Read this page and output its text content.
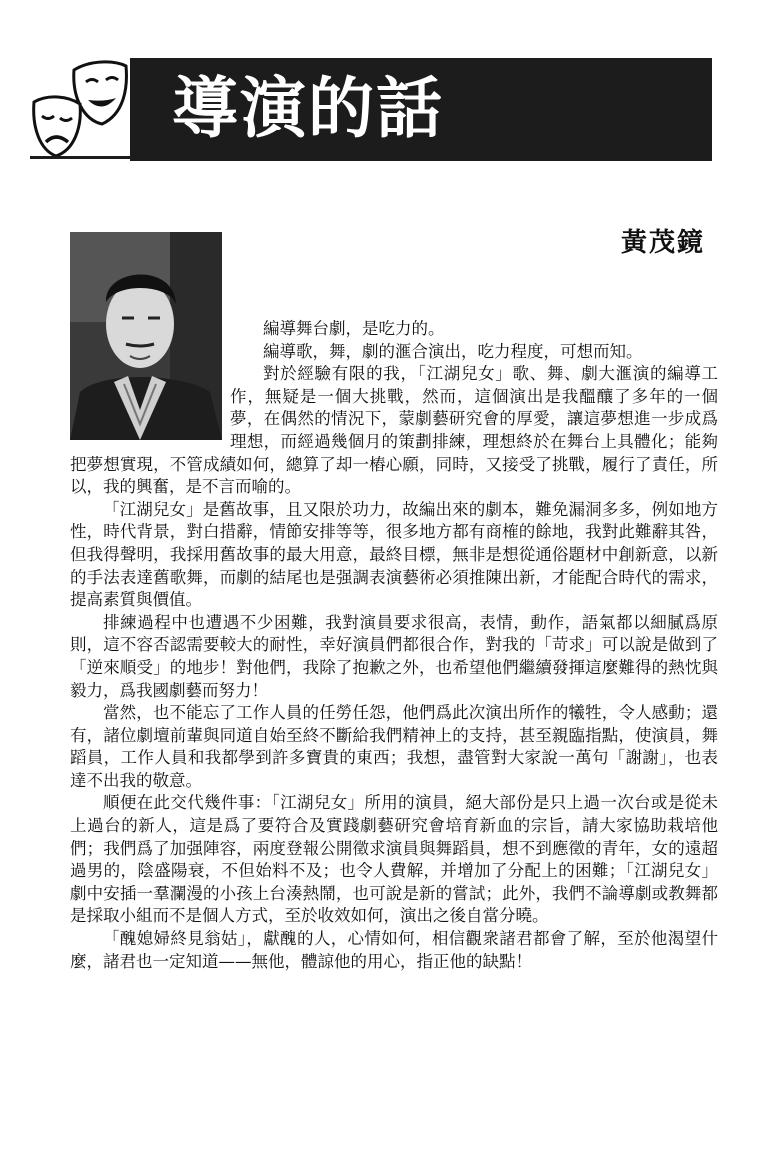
導演的話
黃茂鏡

編導舞台劇，是吃力的。

編導歌，舞，劇的滙合演出，吃力程度，可想而知。

對於經驗有限的我，「江湖兒女」歌、舞、劇大滙演的編導工作，無疑是一個大挑戰，然而，這個演出是我醞釀了多年的一個夢，在偶然的情況下，蒙劇藝研究會的厚愛，讓這夢想進一步成爲理想，而經過幾個月的策劃排練，理想終於在舞台上具體化；能夠把夢想實現，不管成績如何，總算了却一樁心願，同時，又接受了挑戰，履行了責任，所以，我的興奮，是不言而喻的。

「江湖兒女」是舊故事，且又限於功力，故編出來的劇本，難免漏洞多多，例如地方性，時代背景，對白措辭，情節安排等等，很多地方都有商榷的餘地，我對此難辭其咎，但我得聲明，我採用舊故事的最大用意，最終目標，無非是想從通俗題材中創新意，以新的手法表達舊歌舞，而劇的結尾也是强調表演藝術必須推陳出新，才能配合時代的需求，提高素質與價值。

排練過程中也遭遇不少困難，我對演員要求很高，表情，動作，語氣都以細膩爲原則，這不容否認需要較大的耐性，幸好演員們都很合作，對我的「苛求」可以說是做到了「逆來順受」的地步！對他們，我除了抱歉之外，也希望他們繼續發揮這麼難得的熱忱與毅力，爲我國劇藝而努力！

當然，也不能忘了工作人員的任勞任怨，他們爲此次演出所作的犧牲，令人感動；還有，諸位劇壇前輩與同道自始至終不斷給我們精神上的支持，甚至親臨指點，使演員，舞蹈員，工作人員和我都學到許多寶貴的東西；我想，盡管對大家說一萬句「謝謝」，也表達不出我的敬意。

順便在此交代幾件事：「江湖兒女」所用的演員，絕大部份是只上過一次台或是從未上過台的新人，這是爲了要符合及實踐劇藝研究會培育新血的宗旨，請大家協助栽培他們；我們爲了加强陣容，兩度登報公開徵求演員與舞蹈員，想不到應徵的青年，女的遠超過男的，陰盛陽衰，不但始料不及；也令人費解，并增加了分配上的困難；「江湖兒女」劇中安插一羣瀾漫的小孩上台湊熱鬧，也可說是新的嘗試；此外，我們不論導劇或教舞都是採取小組而不是個人方式，至於收效如何，演出之後自當分曉。

「醜媳婦終見翁姑」，獻醜的人，心情如何，相信觀衆諸君都會了解，至於他渴望什麼，諸君也一定知道——無他，體諒他的用心，指正他的缺點！
